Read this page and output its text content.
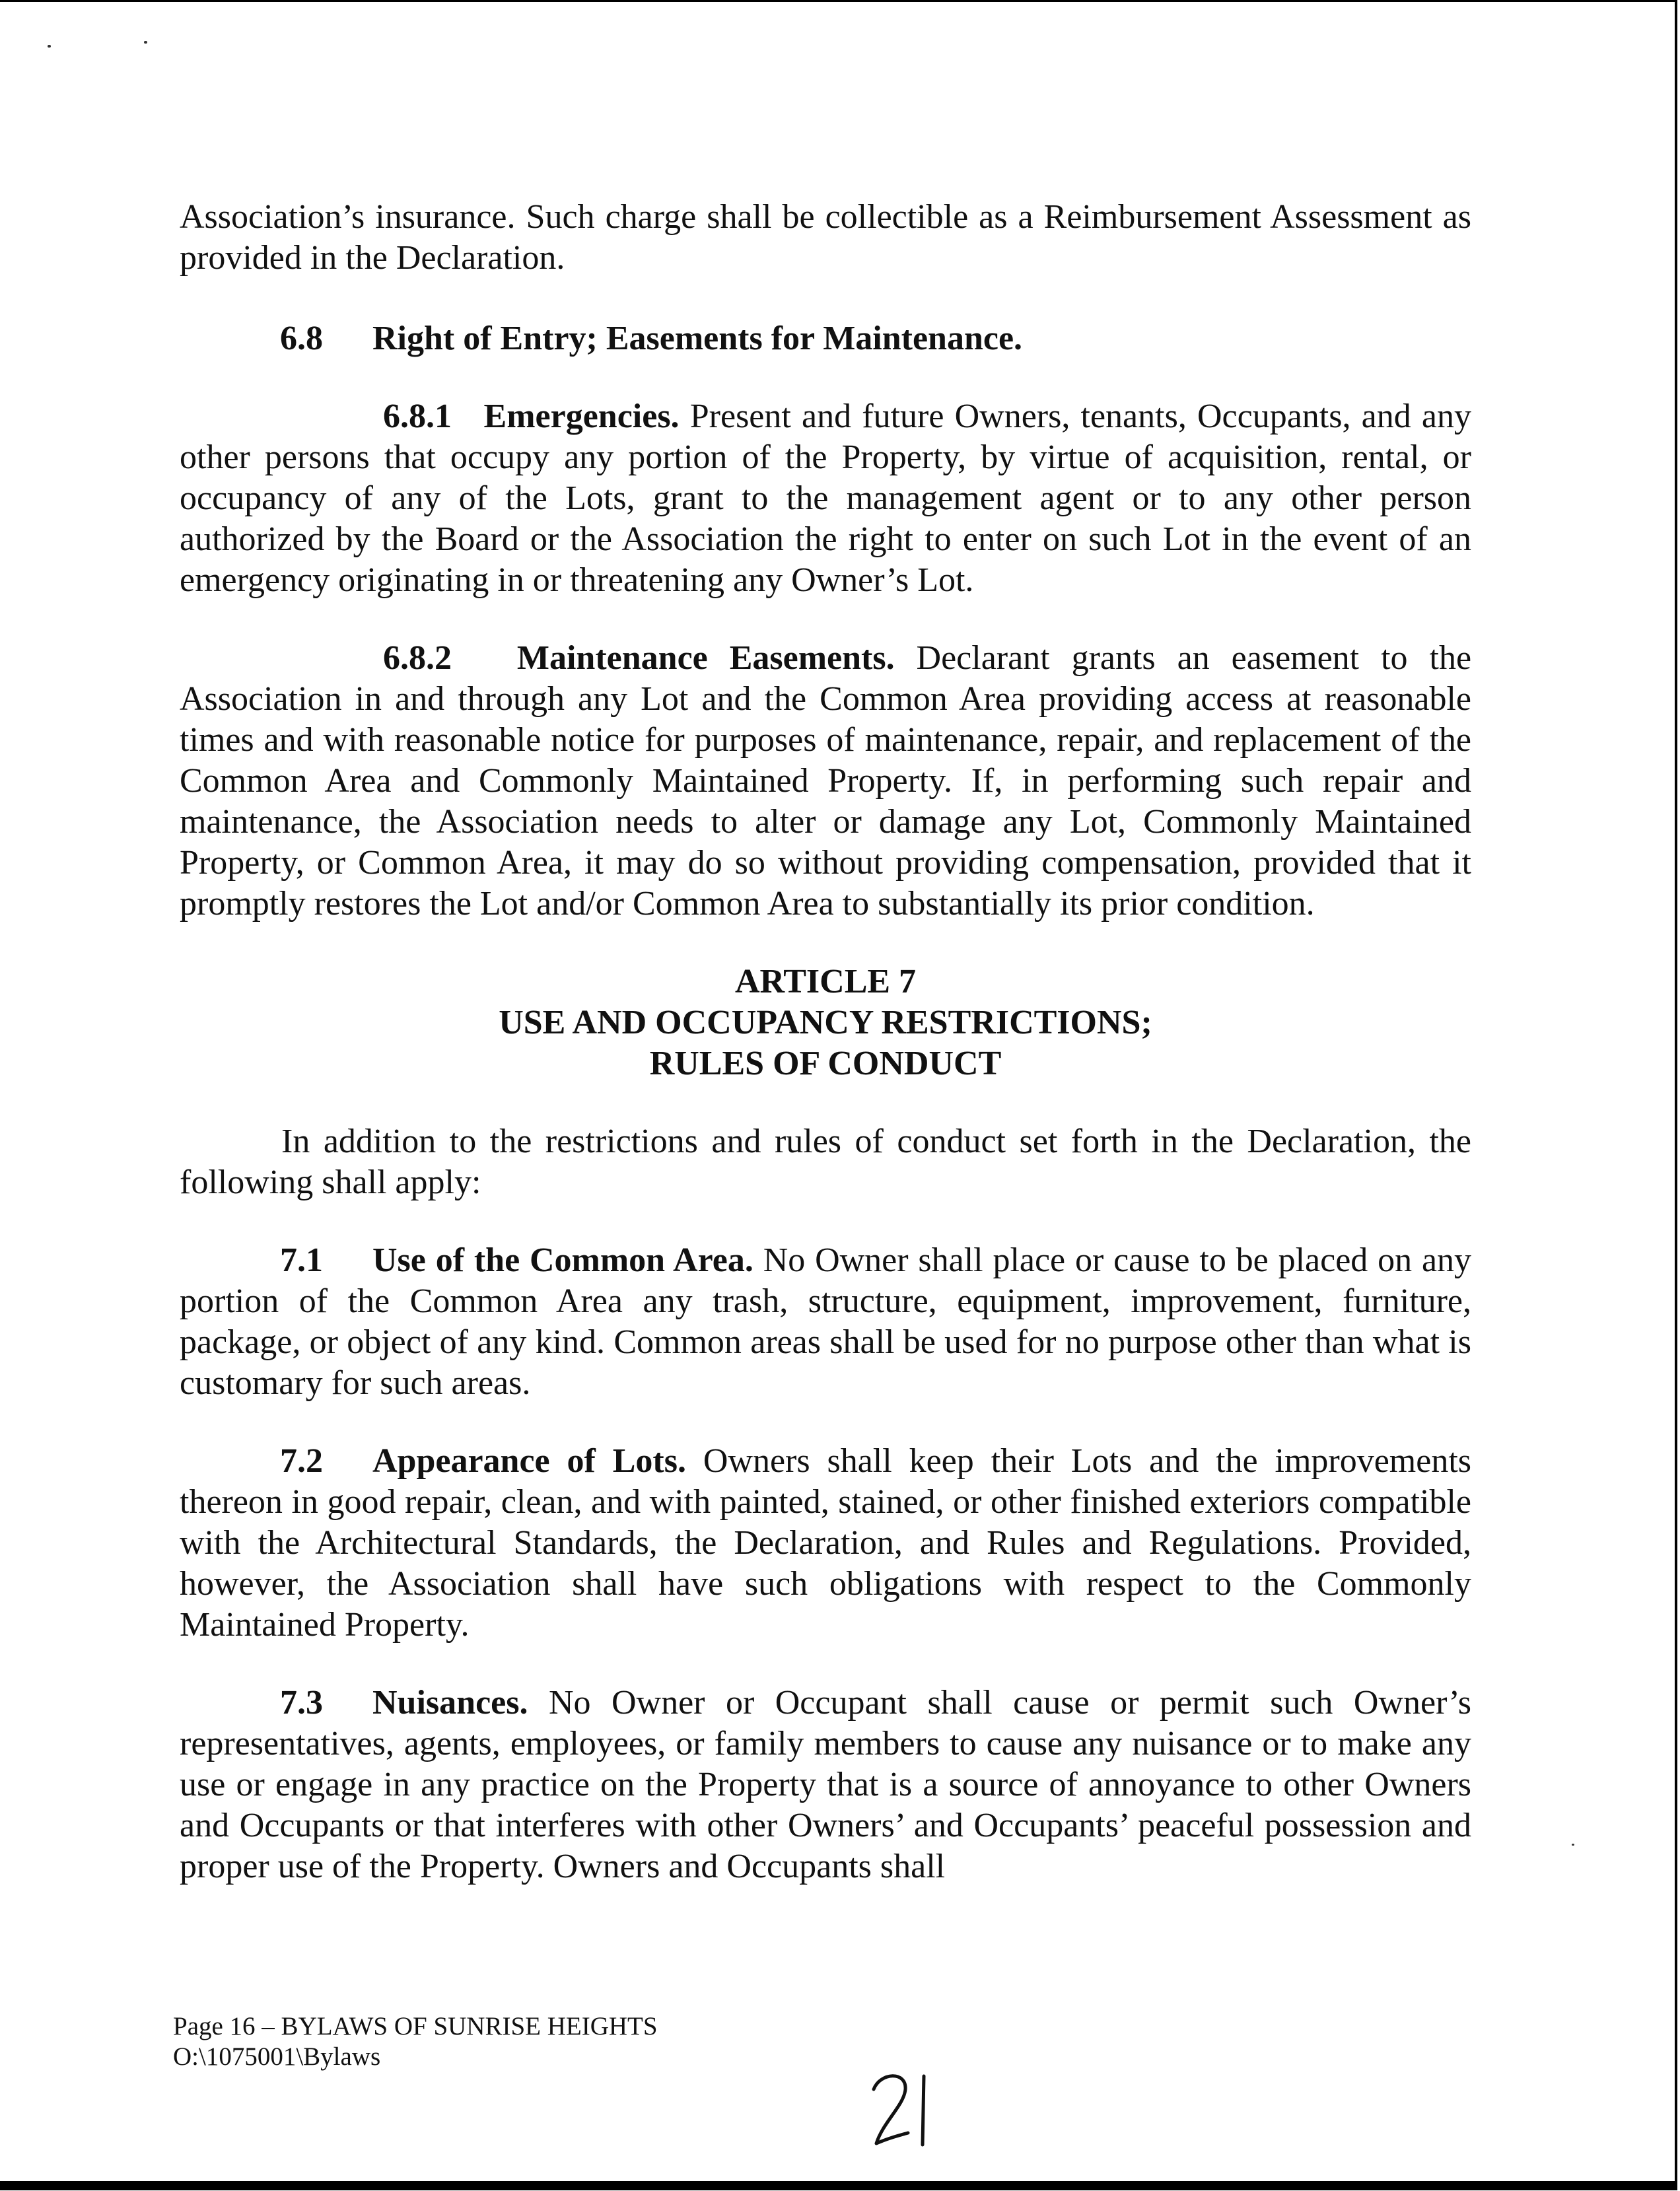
Association’s insurance. Such charge shall be collectible as a Reimbursement Assessment as provided in the Declaration.

6.8 Right of Entry; Easements for Maintenance.

6.8.1 Emergencies. Present and future Owners, tenants, Occupants, and any other persons that occupy any portion of the Property, by virtue of acquisition, rental, or occupancy of any of the Lots, grant to the management agent or to any other person authorized by the Board or the Association the right to enter on such Lot in the event of an emergency originating in or threatening any Owner’s Lot.

6.8.2 Maintenance Easements. Declarant grants an easement to the Association in and through any Lot and the Common Area providing access at reasonable times and with reasonable notice for purposes of maintenance, repair, and replacement of the Common Area and Commonly Maintained Property. If, in performing such repair and maintenance, the Association needs to alter or damage any Lot, Commonly Maintained Property, or Common Area, it may do so without providing compensation, provided that it promptly restores the Lot and/or Common Area to substantially its prior condition.

ARTICLE 7

USE AND OCCUPANCY RESTRICTIONS;

RULES OF CONDUCT

In addition to the restrictions and rules of conduct set forth in the Declaration, the following shall apply:

7.1 Use of the Common Area. No Owner shall place or cause to be placed on any portion of the Common Area any trash, structure, equipment, improvement, furniture, package, or object of any kind. Common areas shall be used for no purpose other than what is customary for such areas.

7.2 Appearance of Lots. Owners shall keep their Lots and the improvements thereon in good repair, clean, and with painted, stained, or other finished exteriors compatible with the Architectural Standards, the Declaration, and Rules and Regulations. Provided, however, the Association shall have such obligations with respect to the Commonly Maintained Property.

7.3 Nuisances. No Owner or Occupant shall cause or permit such Owner’s representatives, agents, employees, or family members to cause any nuisance or to make any use or engage in any practice on the Property that is a source of annoyance to other Owners and Occupants or that interferes with other Owners’ and Occupants’ peaceful possession and proper use of the Property. Owners and Occupants shall

Page 16 – BYLAWS OF SUNRISE HEIGHTS
O:\1075001\Bylaws
